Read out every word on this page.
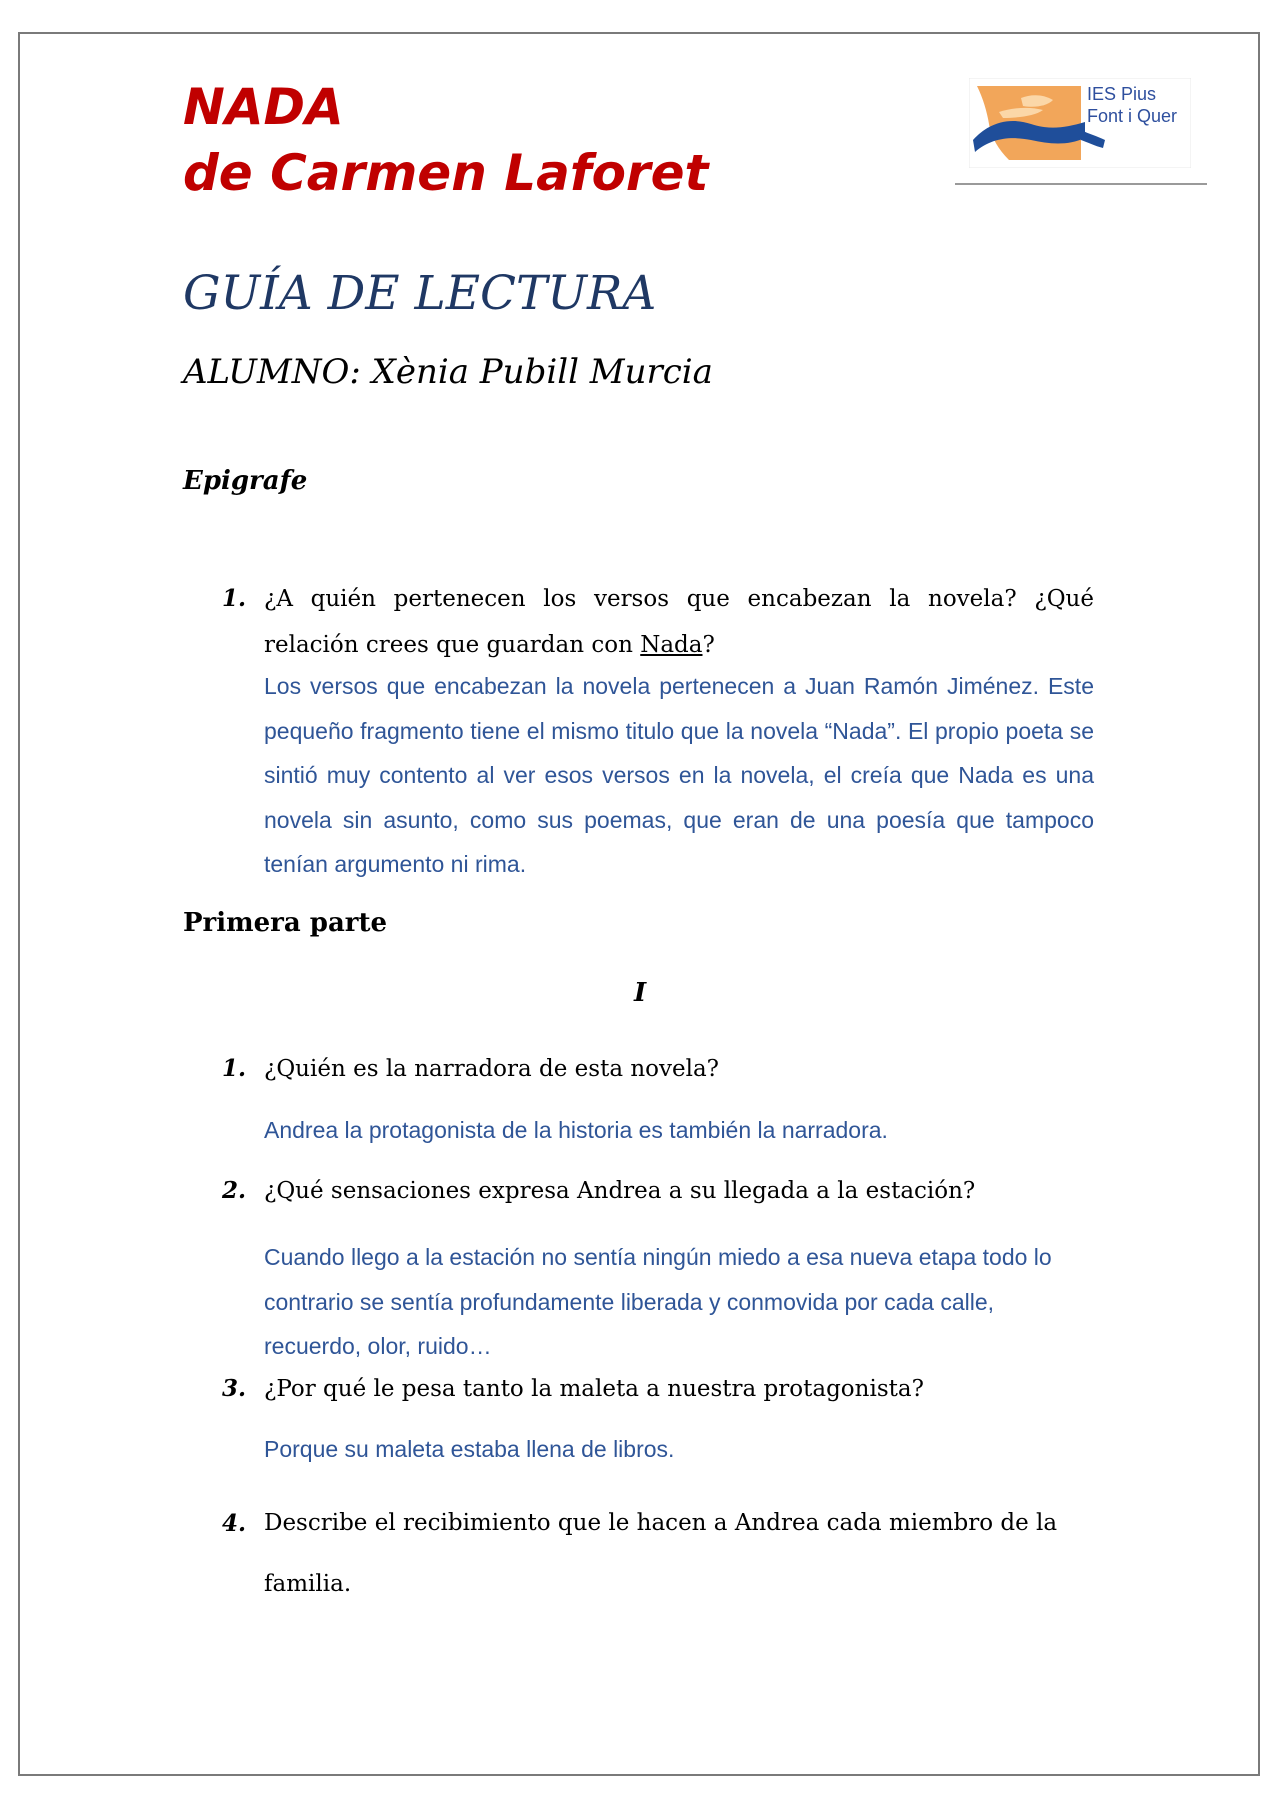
NADA
de Carmen Laforet
IES Pius
Font i Quer
GUÍA DE LECTURA
ALUMNO: Xènia Pubill Murcia
Epigrafe
1. ¿A quién pertenecen los versos que encabezan la novela? ¿Qué relación crees que guardan con Nada?
Los versos que encabezan la novela pertenecen a Juan Ramón Jiménez. Este pequeño fragmento tiene el mismo titulo que la novela “Nada”. El propio poeta se sintió muy contento al ver esos versos en la novela, el creía que Nada es una novela sin asunto, como sus poemas, que eran de una poesía que tampoco tenían argumento ni rima.
Primera parte
I
1. ¿Quién es la narradora de esta novela?
Andrea la protagonista de la historia es también la narradora.
2. ¿Qué sensaciones expresa Andrea a su llegada a la estación?
Cuando llego a la estación no sentía ningún miedo a esa nueva etapa todo lo contrario se sentía profundamente liberada y conmovida por cada calle, recuerdo, olor, ruido…
3. ¿Por qué le pesa tanto la maleta a nuestra protagonista?
Porque su maleta estaba llena de libros.
4. Describe el recibimiento que le hacen a Andrea cada miembro de la familia.
